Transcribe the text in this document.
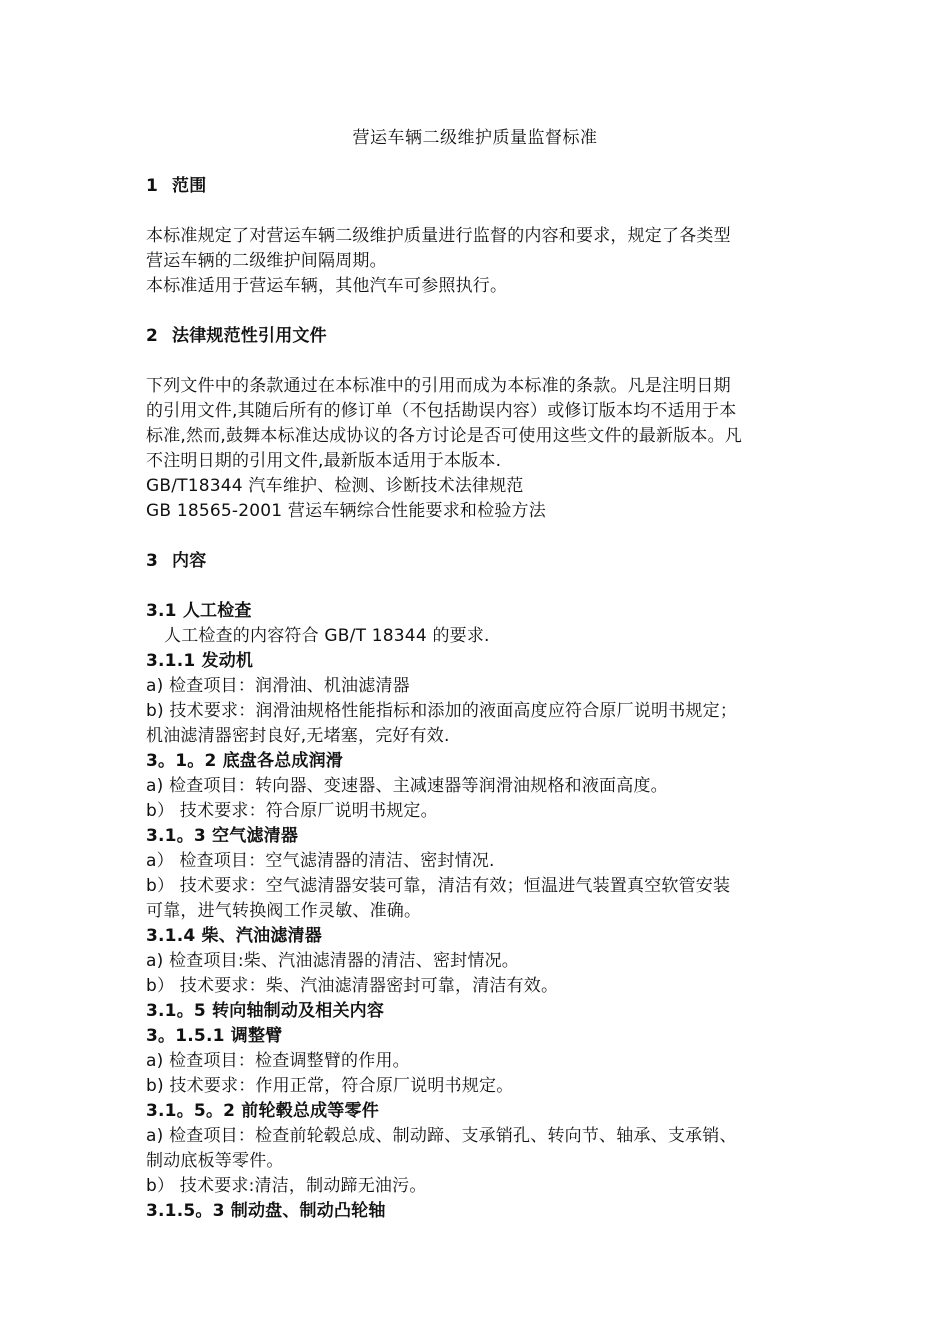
营运车辆二级维护质量监督标准
1 范围
本标准规定了对营运车辆二级维护质量进行监督的内容和要求，规定了各类型
营运车辆的二级维护间隔周期。
本标准适用于营运车辆，其他汽车可参照执行。
2 法律规范性引用文件
下列文件中的条款通过在本标准中的引用而成为本标准的条款。凡是注明日期
的引用文件,其随后所有的修订单（不包括勘误内容）或修订版本均不适用于本
标准,然而,鼓舞本标准达成协议的各方讨论是否可使用这些文件的最新版本。凡
不注明日期的引用文件,最新版本适用于本版本.
GB/T18344 汽车维护、检测、诊断技术法律规范
GB 18565-2001 营运车辆综合性能要求和检验方法
3 内容
3.1 人工检查
人工检查的内容符合 GB/T 18344 的要求.
3.1.1 发动机
a) 检查项目：润滑油、机油滤清器
b) 技术要求：润滑油规格性能指标和添加的液面高度应符合原厂说明书规定；
机油滤清器密封良好,无堵塞，完好有效.
3。1。2 底盘各总成润滑
a) 检查项目：转向器、变速器、主减速器等润滑油规格和液面高度。
b） 技术要求：符合原厂说明书规定。
3.1。3 空气滤清器
a） 检查项目：空气滤清器的清洁、密封情况.
b） 技术要求：空气滤清器安装可靠，清洁有效；恒温进气装置真空软管安装
可靠，进气转换阀工作灵敏、准确。
3.1.4 柴、汽油滤清器
a) 检查项目:柴、汽油滤清器的清洁、密封情况。
b） 技术要求：柴、汽油滤清器密封可靠，清洁有效。
3.1。5 转向轴制动及相关内容
3。1.5.1 调整臂
a) 检查项目：检查调整臂的作用。
b) 技术要求：作用正常，符合原厂说明书规定。
3.1。5。2 前轮毂总成等零件
a) 检查项目：检查前轮毂总成、制动蹄、支承销孔、转向节、轴承、支承销、
制动底板等零件。
b） 技术要求:清洁，制动蹄无油污。
3.1.5。3 制动盘、制动凸轮轴
